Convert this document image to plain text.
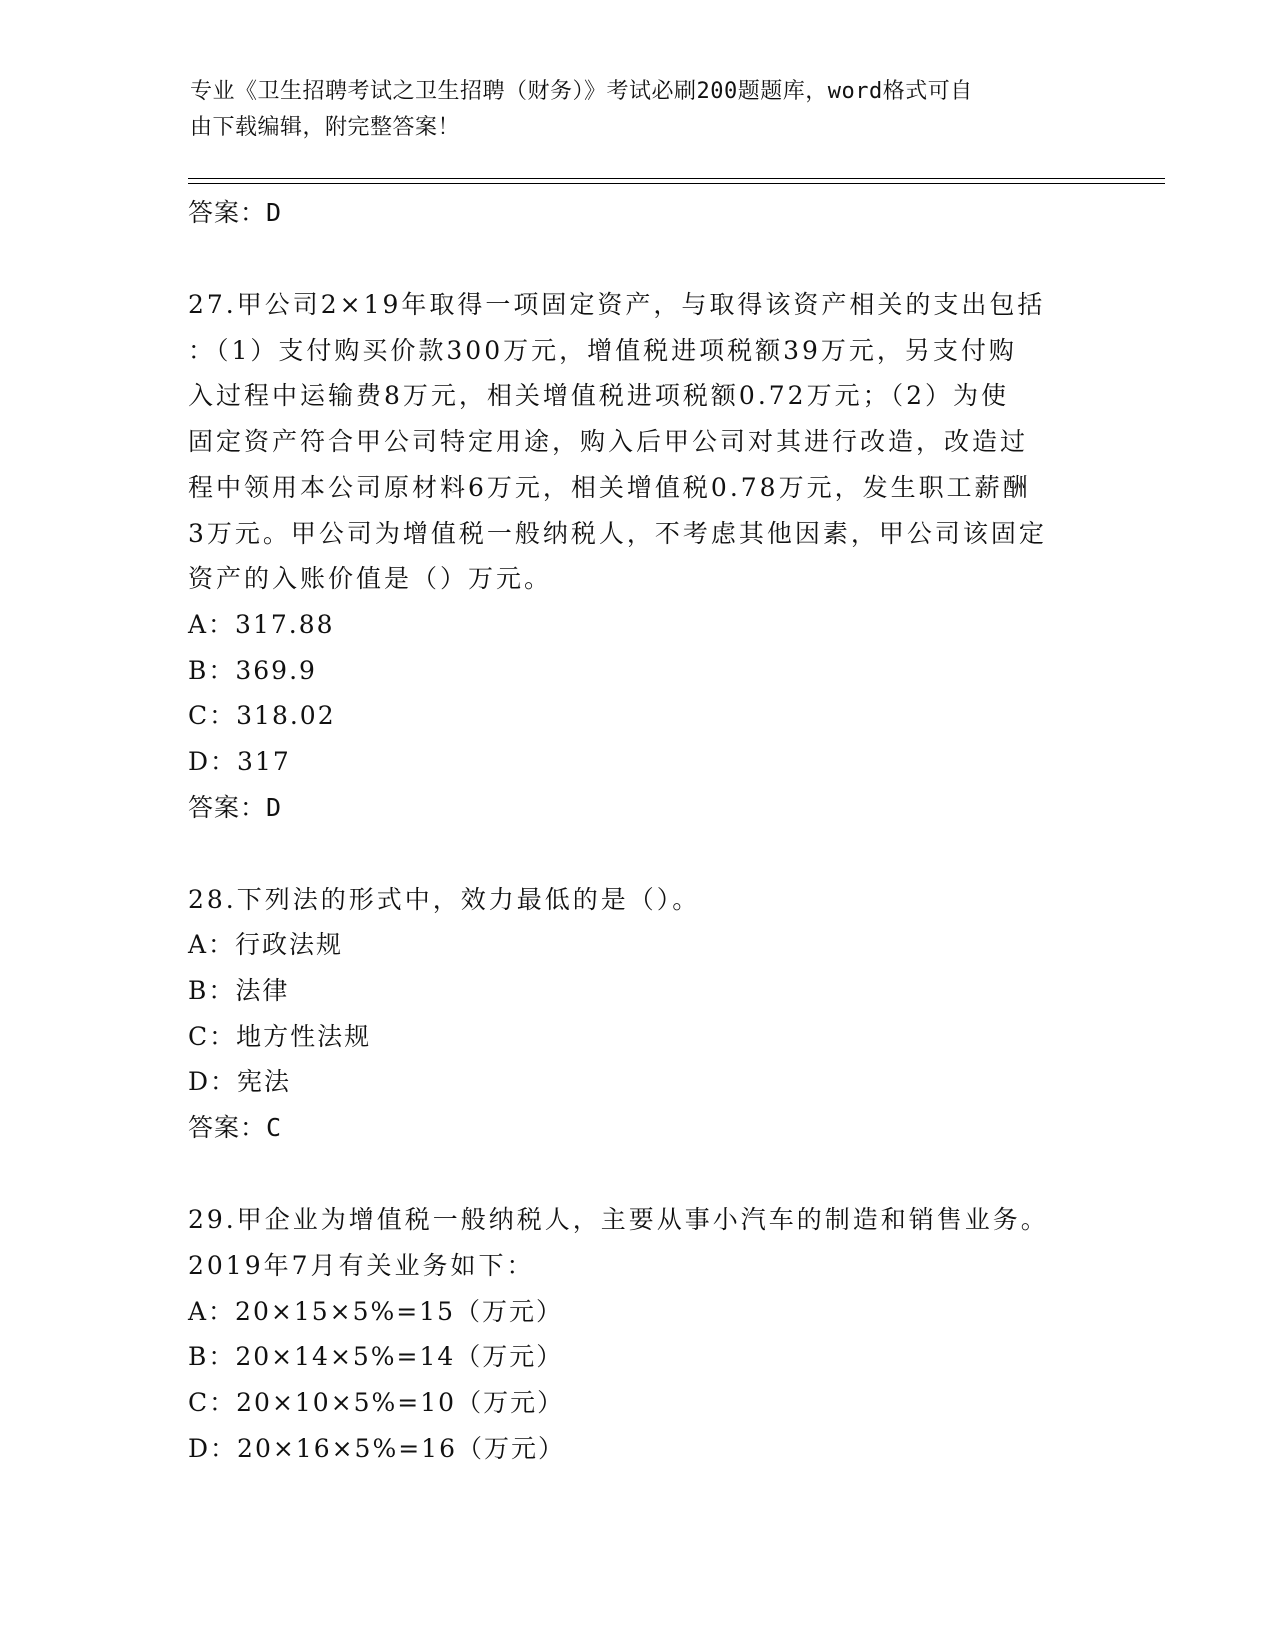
专业《卫生招聘考试之卫生招聘（财务）》考试必刷200题题库，word格式可自
由下载编辑，附完整答案！
答案：D
27.甲公司2×19年取得一项固定资产，与取得该资产相关的支出包括
：（1）支付购买价款300万元，增值税进项税额39万元，另支付购
入过程中运输费8万元，相关增值税进项税额0.72万元；（2）为使
固定资产符合甲公司特定用途，购入后甲公司对其进行改造，改造过
程中领用本公司原材料6万元，相关增值税0.78万元，发生职工薪酬
3万元。甲公司为增值税一般纳税人，不考虑其他因素，甲公司该固定
资产的入账价值是（）万元。
A：317.88
B：369.9
C：318.02
D：317
答案：D
28.下列法的形式中，效力最低的是（）。
A：行政法规
B：法律
C：地方性法规
D：宪法
答案：C
29.甲企业为增值税一般纳税人，主要从事小汽车的制造和销售业务。
2019年7月有关业务如下：
A：20×15×5%=15（万元）
B：20×14×5%=14（万元）
C：20×10×5%=10（万元）
D：20×16×5%=16（万元）
